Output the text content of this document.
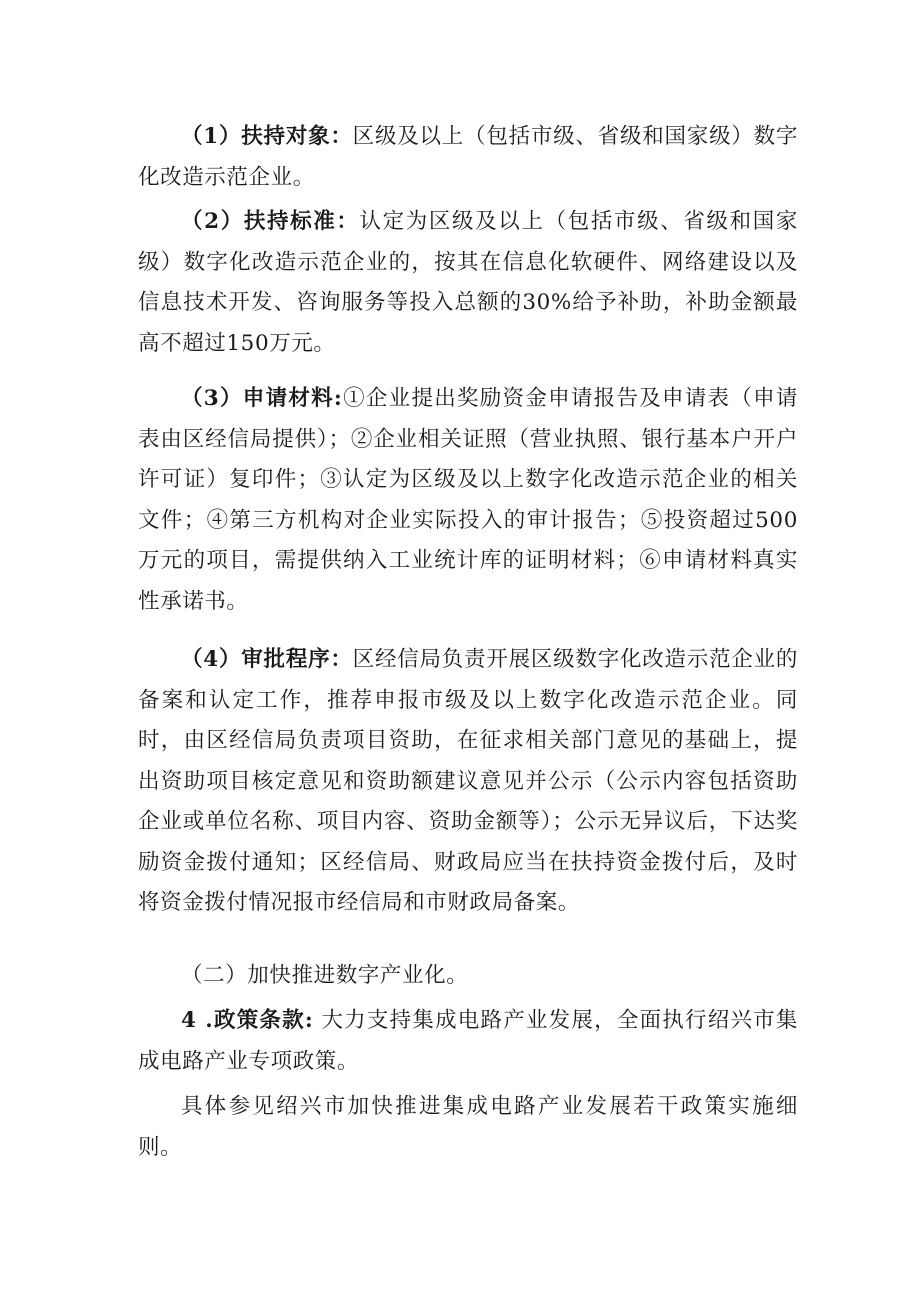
（1）扶持对象：区级及以上（包括市级、省级和国家级）数字化改造示范企业。

（2）扶持标准：认定为区级及以上（包括市级、省级和国家级）数字化改造示范企业的，按其在信息化软硬件、网络建设以及信息技术开发、咨询服务等投入总额的30%给予补助，补助金额最高不超过150万元。

（3）申请材料:①企业提出奖励资金申请报告及申请表（申请表由区经信局提供）；②企业相关证照（营业执照、银行基本户开户许可证）复印件；③认定为区级及以上数字化改造示范企业的相关文件；④第三方机构对企业实际投入的审计报告；⑤投资超过500万元的项目，需提供纳入工业统计库的证明材料；⑥申请材料真实性承诺书。

（4）审批程序：区经信局负责开展区级数字化改造示范企业的备案和认定工作，推荐申报市级及以上数字化改造示范企业。同时，由区经信局负责项目资助，在征求相关部门意见的基础上，提出资助项目核定意见和资助额建议意见并公示（公示内容包括资助企业或单位名称、项目内容、资助金额等）；公示无异议后，下达奖励资金拨付通知；区经信局、财政局应当在扶持资金拨付后，及时将资金拨付情况报市经信局和市财政局备案。

（二）加快推进数字产业化。

4 .政策条款: 大力支持集成电路产业发展，全面执行绍兴市集成电路产业专项政策。

具体参见绍兴市加快推进集成电路产业发展若干政策实施细则。
